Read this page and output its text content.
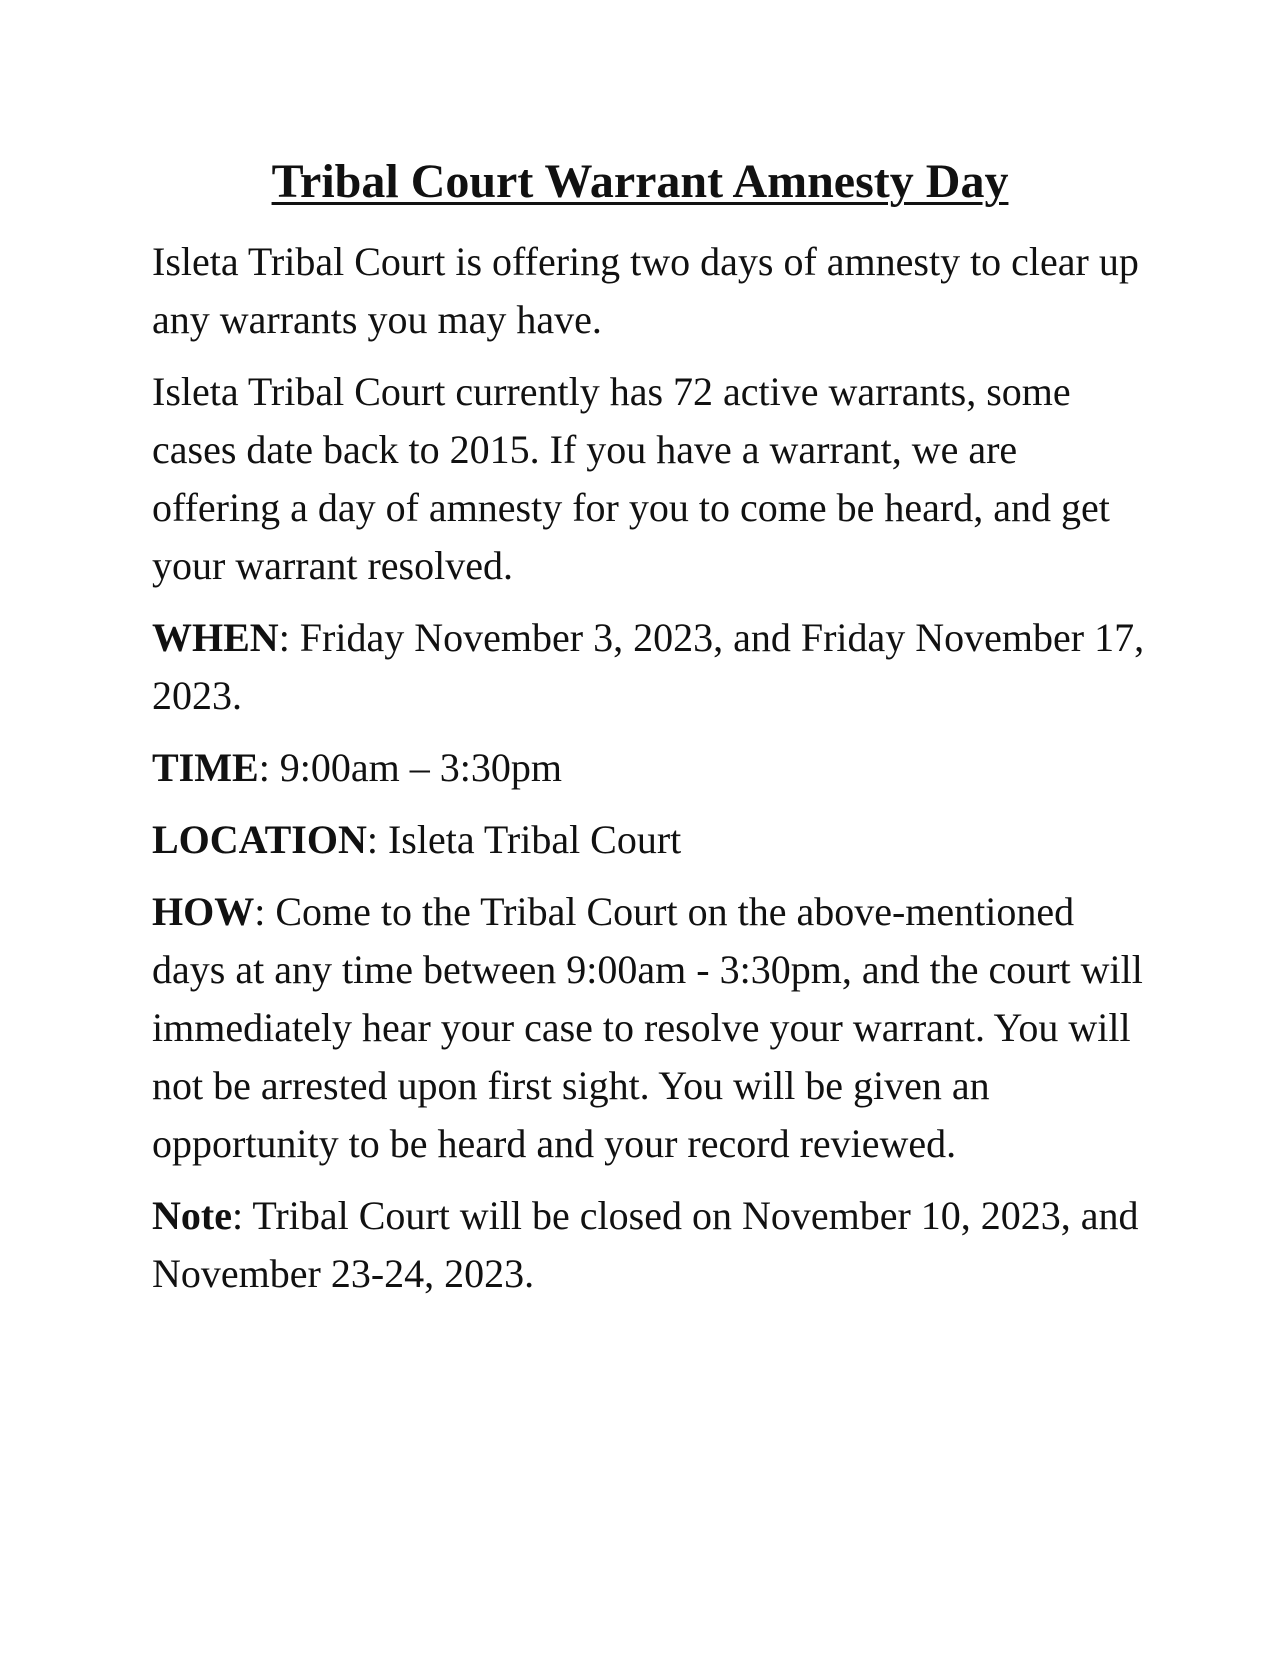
Tribal Court Warrant Amnesty Day

Isleta Tribal Court is offering two days of amnesty to clear up any warrants you may have.

Isleta Tribal Court currently has 72 active warrants, some cases date back to 2015. If you have a warrant, we are offering a day of amnesty for you to come be heard, and get your warrant resolved.

WHEN: Friday November 3, 2023, and Friday November 17, 2023.

TIME: 9:00am – 3:30pm

LOCATION: Isleta Tribal Court

HOW: Come to the Tribal Court on the above-mentioned days at any time between 9:00am - 3:30pm, and the court will immediately hear your case to resolve your warrant. You will not be arrested upon first sight. You will be given an opportunity to be heard and your record reviewed.

Note: Tribal Court will be closed on November 10, 2023, and November 23-24, 2023.
